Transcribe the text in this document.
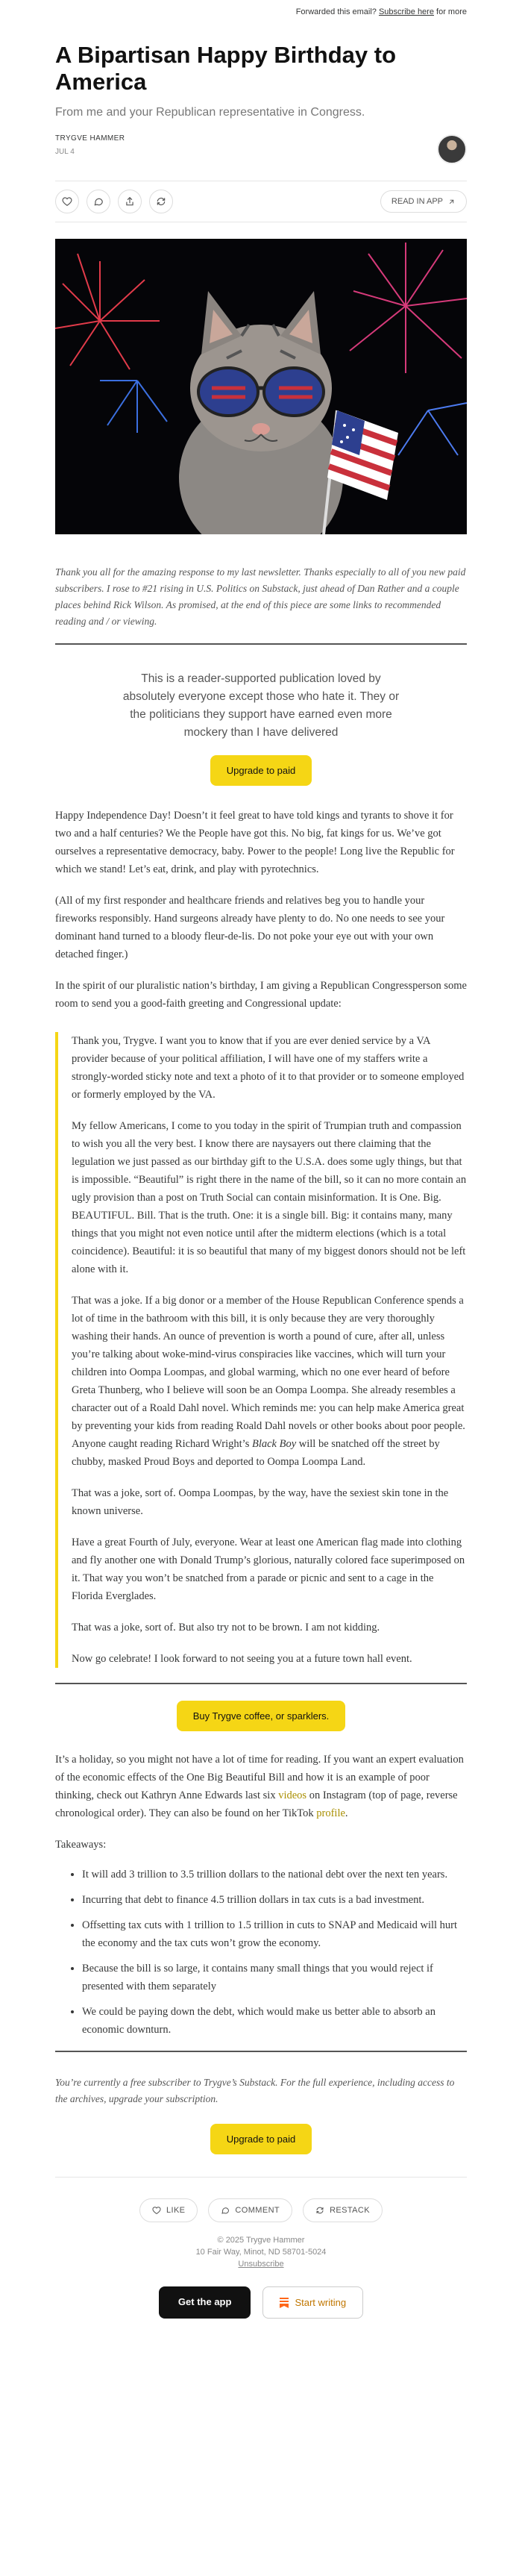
Forwarded this email? Subscribe here for more
A Bipartisan Happy Birthday to America
From me and your Republican representative in Congress.
TRYGVE HAMMER
JUL 4
READ IN APP

Thank you all for the amazing response to my last newsletter. Thanks especially to all of you new paid subscribers. I rose to #21 rising in U.S. Politics on Substack, just ahead of Dan Rather and a couple places behind Rick Wilson. As promised, at the end of this piece are some links to recommended reading and / or viewing.

This is a reader-supported publication loved by absolutely everyone except those who hate it. They or the politicians they support have earned even more mockery than I have delivered
Upgrade to paid

Happy Independence Day! Doesn’t it feel great to have told kings and tyrants to shove it for two and a half centuries? We the People have got this. No big, fat kings for us. We’ve got ourselves a representative democracy, baby. Power to the people! Long live the Republic for which we stand! Let’s eat, drink, and play with pyrotechnics.

(All of my first responder and healthcare friends and relatives beg you to handle your fireworks responsibly. Hand surgeons already have plenty to do. No one needs to see your dominant hand turned to a bloody fleur-de-lis. Do not poke your eye out with your own detached finger.)

In the spirit of our pluralistic nation’s birthday, I am giving a Republican Congressperson some room to send you a good-faith greeting and Congressional update:

Thank you, Trygve. I want you to know that if you are ever denied service by a VA provider because of your political affiliation, I will have one of my staffers write a strongly-worded sticky note and text a photo of it to that provider or to someone employed or formerly employed by the VA.

My fellow Americans, I come to you today in the spirit of Trumpian truth and compassion to wish you all the very best. I know there are naysayers out there claiming that the legulation we just passed as our birthday gift to the U.S.A. does some ugly things, but that is impossible. “Beautiful” is right there in the name of the bill, so it can no more contain an ugly provision than a post on Truth Social can contain misinformation. It is One. Big. BEAUTIFUL. Bill. That is the truth. One: it is a single bill. Big: it contains many, many things that you might not even notice until after the midterm elections (which is a total coincidence). Beautiful: it is so beautiful that many of my biggest donors should not be left alone with it.

That was a joke. If a big donor or a member of the House Republican Conference spends a lot of time in the bathroom with this bill, it is only because they are very thoroughly washing their hands. An ounce of prevention is worth a pound of cure, after all, unless you’re talking about woke-mind-virus conspiracies like vaccines, which will turn your children into Oompa Loompas, and global warming, which no one ever heard of before Greta Thunberg, who I believe will soon be an Oompa Loompa. She already resembles a character out of a Roald Dahl novel. Which reminds me: you can help make America great by preventing your kids from reading Roald Dahl novels or other books about poor people. Anyone caught reading Richard Wright’s Black Boy will be snatched off the street by chubby, masked Proud Boys and deported to Oompa Loompa Land.

That was a joke, sort of. Oompa Loompas, by the way, have the sexiest skin tone in the known universe.

Have a great Fourth of July, everyone. Wear at least one American flag made into clothing and fly another one with Donald Trump’s glorious, naturally colored face superimposed on it. That way you won’t be snatched from a parade or picnic and sent to a cage in the Florida Everglades.

That was a joke, sort of. But also try not to be brown. I am not kidding.

Now go celebrate! I look forward to not seeing you at a future town hall event.

Buy Trygve coffee, or sparklers.

It’s a holiday, so you might not have a lot of time for reading. If you want an expert evaluation of the economic effects of the One Big Beautiful Bill and how it is an example of poor thinking, check out Kathryn Anne Edwards last six videos on Instagram (top of page, reverse chronological order). They can also be found on her TikTok profile.

Takeaways:

• It will add 3 trillion to 3.5 trillion dollars to the national debt over the next ten years.
• Incurring that debt to finance 4.5 trillion dollars in tax cuts is a bad investment.
• Offsetting tax cuts with 1 trillion to 1.5 trillion in cuts to SNAP and Medicaid will hurt the economy and the tax cuts won’t grow the economy.
• Because the bill is so large, it contains many small things that you would reject if presented with them separately
• We could be paying down the debt, which would make us better able to absorb an economic downturn.

You’re currently a free subscriber to Trygve’s Substack. For the full experience, including access to the archives, upgrade your subscription.

Upgrade to paid
LIKE	COMMENT	RESTACK
© 2025 Trygve Hammer
10 Fair Way, Minot, ND 58701-5024
Unsubscribe
Get the app	Start writing
